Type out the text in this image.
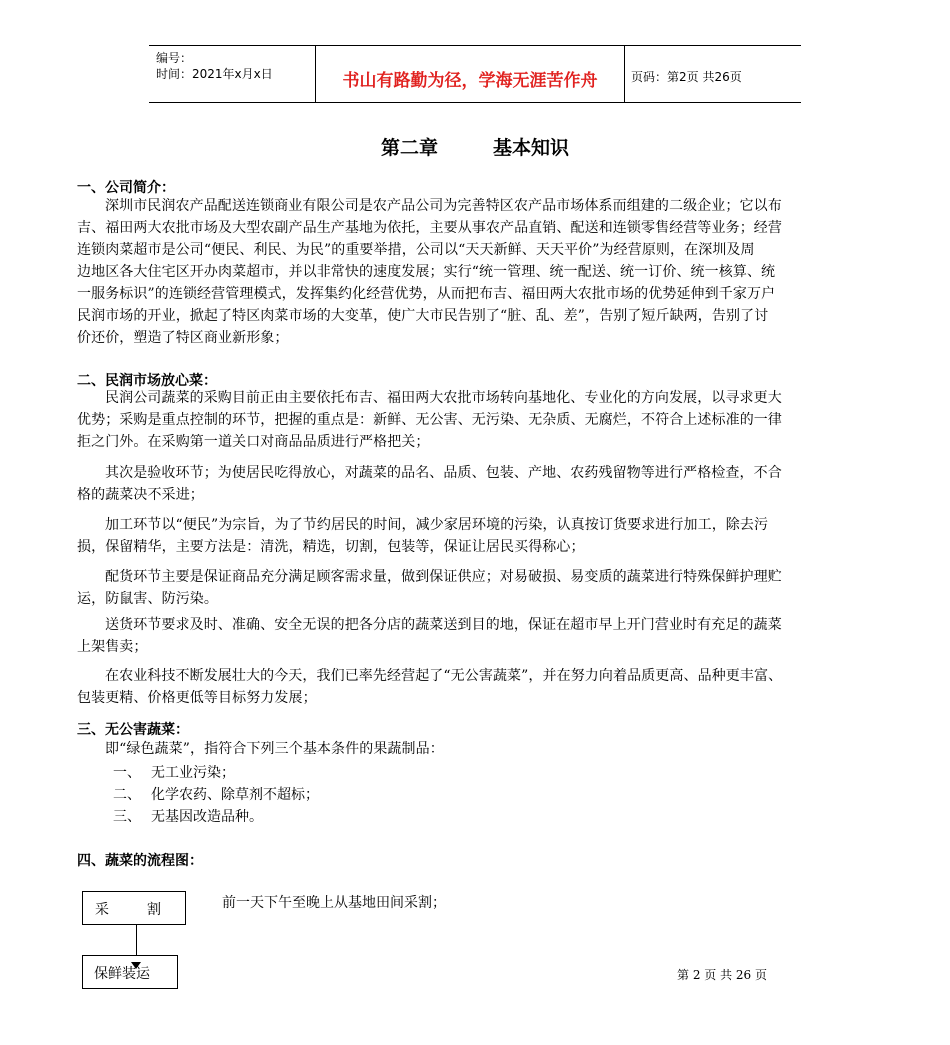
编号：
时间：2021年x月x日	书山有路勤为径，学海无涯苦作舟	页码：第2页 共26页
第二章	基本知识
一、公司简介：
深圳市民润农产品配送连锁商业有限公司是农产品公司为完善特区农产品市场体系而组建的二级企业；它以布
吉、福田两大农批市场及大型农副产品生产基地为依托，主要从事农产品直销、配送和连锁零售经营等业务；经营
连锁肉菜超市是公司“便民、利民、为民”的重要举措，公司以“天天新鲜、天天平价”为经营原则，在深圳及周
边地区各大住宅区开办肉菜超市，并以非常快的速度发展；实行“统一管理、统一配送、统一订价、统一核算、统
一服务标识”的连锁经营管理模式，发挥集约化经营优势，从而把布吉、福田两大农批市场的优势延伸到千家万户
民润市场的开业，掀起了特区肉菜市场的大变革，使广大市民告别了“脏、乱、差”，告别了短斤缺两，告别了讨
价还价，塑造了特区商业新形象；
二、民润市场放心菜：
民润公司蔬菜的采购目前正由主要依托布吉、福田两大农批市场转向基地化、专业化的方向发展，以寻求更大
优势；采购是重点控制的环节，把握的重点是：新鲜、无公害、无污染、无杂质、无腐烂，不符合上述标准的一律
拒之门外。在采购第一道关口对商品品质进行严格把关；
其次是验收环节；为使居民吃得放心，对蔬菜的品名、品质、包装、产地、农药残留物等进行严格检查，不合
格的蔬菜决不采进；
加工环节以“便民”为宗旨，为了节约居民的时间，减少家居环境的污染，认真按订货要求进行加工，除去污
损，保留精华，主要方法是：清洗，精选，切割，包装等，保证让居民买得称心；
配货环节主要是保证商品充分满足顾客需求量，做到保证供应；对易破损、易变质的蔬菜进行特殊保鲜护理贮
运，防鼠害、防污染。
送货环节要求及时、准确、安全无误的把各分店的蔬菜送到目的地，保证在超市早上开门营业时有充足的蔬菜
上架售卖；
在农业科技不断发展壮大的今天，我们已率先经营起了“无公害蔬菜”，并在努力向着品质更高、品种更丰富、
包装更精、价格更低等目标努力发展；
三、无公害蔬菜：
即“绿色蔬菜”，指符合下列三个基本条件的果蔬制品：
一、 无工业污染；
二、 化学农药、除草剂不超标；
三、 无基因改造品种。
四、蔬菜的流程图：
采	割	前一天下午至晚上从基地田间采割；
保鲜装运	第 2 页 共 26 页
